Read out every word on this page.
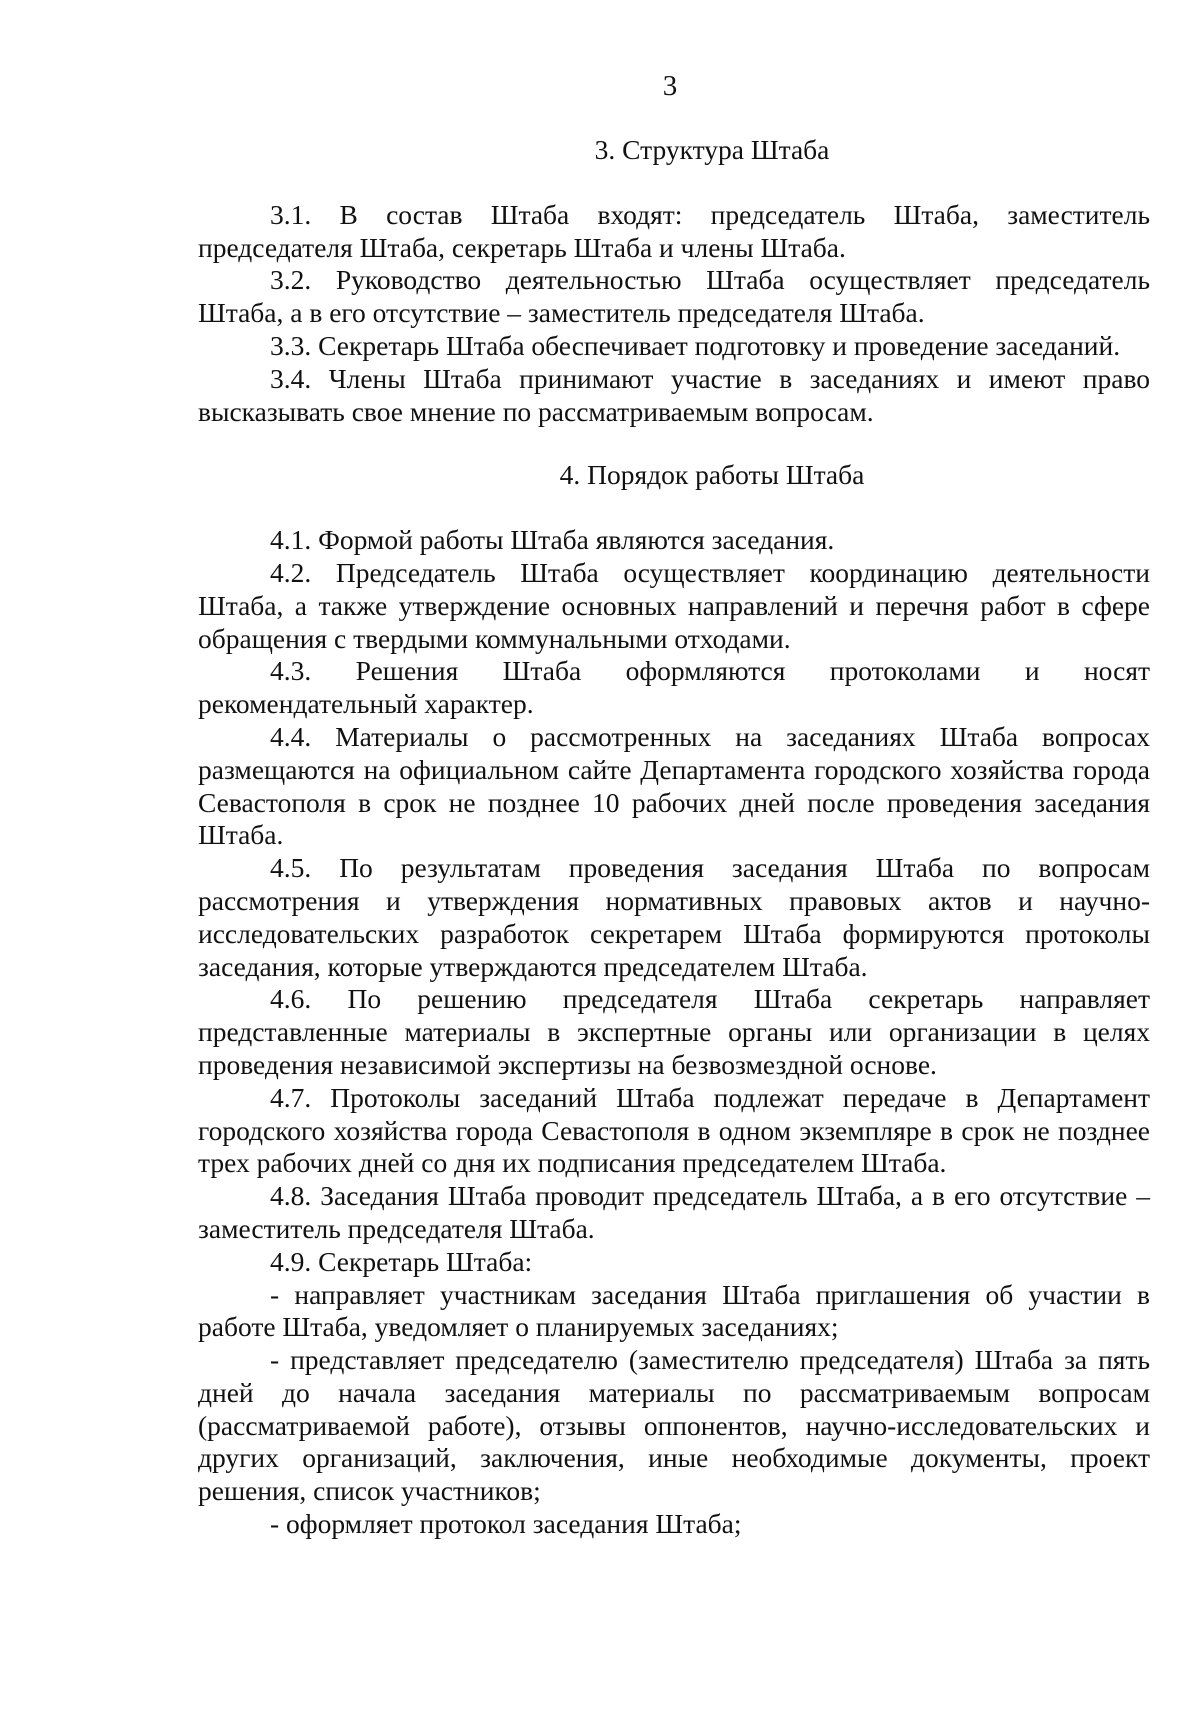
3
3. Структура Штаба

3.1. В состав Штаба входят: председатель Штаба, заместитель председателя Штаба, секретарь Штаба и члены Штаба.

3.2. Руководство деятельностью Штаба осуществляет председатель Штаба, а в его отсутствие – заместитель председателя Штаба.

3.3. Секретарь Штаба обеспечивает подготовку и проведение заседаний.

3.4. Члены Штаба принимают участие в заседаниях и имеют право высказывать свое мнение по рассматриваемым вопросам.

4. Порядок работы Штаба

4.1. Формой работы Штаба являются заседания.

4.2. Председатель Штаба осуществляет координацию деятельности Штаба, а также утверждение основных направлений и перечня работ в сфере обращения с твердыми коммунальными отходами.

4.3. Решения Штаба оформляются протоколами и носят рекомендательный характер.

4.4. Материалы о рассмотренных на заседаниях Штаба вопросах размещаются на официальном сайте Департамента городского хозяйства города Севастополя в срок не позднее 10 рабочих дней после проведения заседания Штаба.

4.5. По результатам проведения заседания Штаба по вопросам рассмотрения и утверждения нормативных правовых актов и научно-исследовательских разработок секретарем Штаба формируются протоколы заседания, которые утверждаются председателем Штаба.

4.6. По решению председателя Штаба секретарь направляет представленные материалы в экспертные органы или организации в целях проведения независимой экспертизы на безвозмездной основе.

4.7. Протоколы заседаний Штаба подлежат передаче в Департамент городского хозяйства города Севастополя в одном экземпляре в срок не позднее трех рабочих дней со дня их подписания председателем Штаба.

4.8. Заседания Штаба проводит председатель Штаба, а в его отсутствие – заместитель председателя Штаба.

4.9. Секретарь Штаба:

- направляет участникам заседания Штаба приглашения об участии в работе Штаба, уведомляет о планируемых заседаниях;

- представляет председателю (заместителю председателя) Штаба за пять дней до начала заседания материалы по рассматриваемым вопросам (рассматриваемой работе), отзывы оппонентов, научно-исследовательских и других организаций, заключения, иные необходимые документы, проект решения, список участников;

- оформляет протокол заседания Штаба;
